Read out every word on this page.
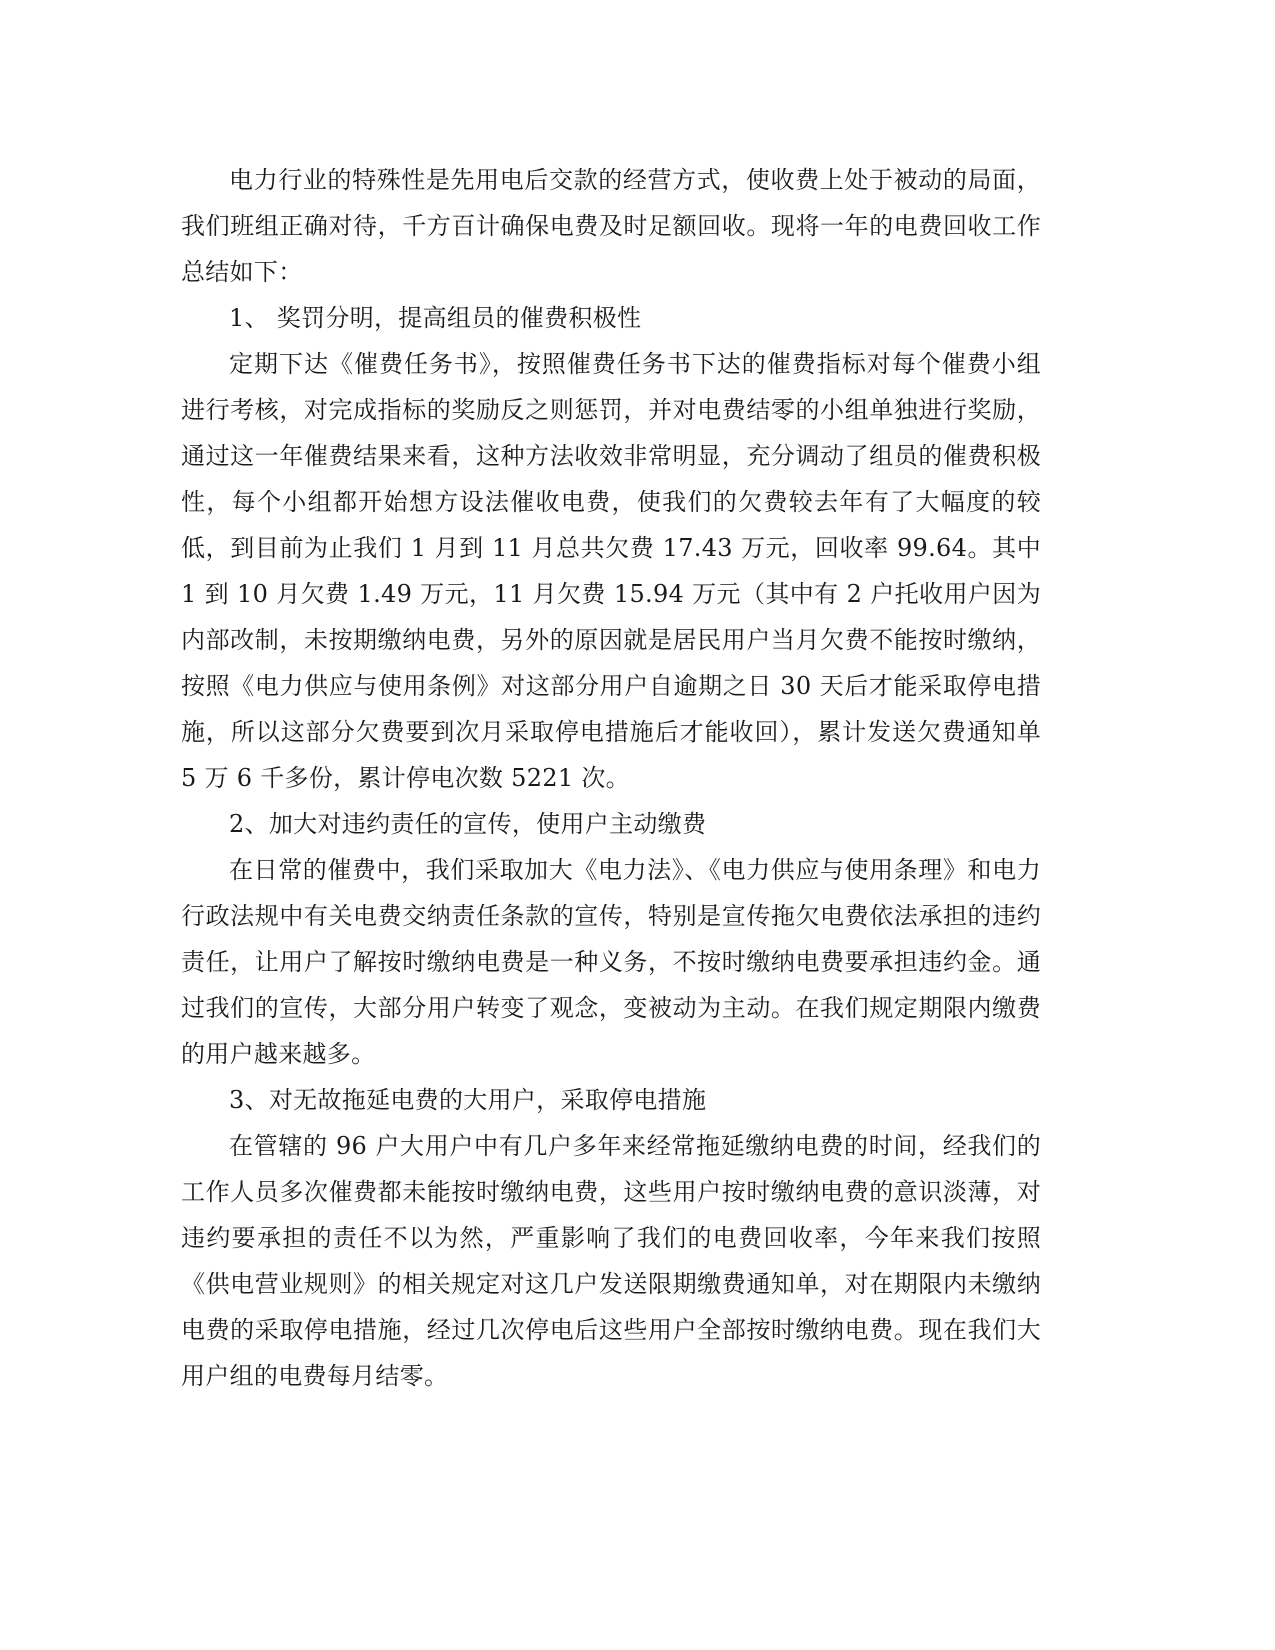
电力行业的特殊性是先用电后交款的经营方式，使收费上处于被动的局面，我们班组正确对待，千方百计确保电费及时足额回收。现将一年的电费回收工作总结如下：

1、 奖罚分明，提高组员的催费积极性

定期下达《催费任务书》，按照催费任务书下达的催费指标对每个催费小组进行考核，对完成指标的奖励反之则惩罚，并对电费结零的小组单独进行奖励，通过这一年催费结果来看，这种方法收效非常明显，充分调动了组员的催费积极性，每个小组都开始想方设法催收电费，使我们的欠费较去年有了大幅度的较低，到目前为止我们 1 月到 11 月总共欠费 17.43 万元，回收率 99.64。其中 1 到 10 月欠费 1.49 万元，11 月欠费 15.94 万元（其中有 2 户托收用户因为内部改制，未按期缴纳电费，另外的原因就是居民用户当月欠费不能按时缴纳，按照《电力供应与使用条例》对这部分用户自逾期之日 30 天后才能采取停电措施，所以这部分欠费要到次月采取停电措施后才能收回），累计发送欠费通知单 5 万 6 千多份，累计停电次数 5221 次。

2、加大对违约责任的宣传，使用户主动缴费

在日常的催费中，我们采取加大《电力法》、《电力供应与使用条理》和电力行政法规中有关电费交纳责任条款的宣传，特别是宣传拖欠电费依法承担的违约责任，让用户了解按时缴纳电费是一种义务，不按时缴纳电费要承担违约金。通过我们的宣传，大部分用户转变了观念，变被动为主动。在我们规定期限内缴费的用户越来越多。

3、对无故拖延电费的大用户，采取停电措施

在管辖的 96 户大用户中有几户多年来经常拖延缴纳电费的时间，经我们的工作人员多次催费都未能按时缴纳电费，这些用户按时缴纳电费的意识淡薄，对违约要承担的责任不以为然，严重影响了我们的电费回收率，今年来我们按照《供电营业规则》的相关规定对这几户发送限期缴费通知单，对在期限内未缴纳电费的采取停电措施，经过几次停电后这些用户全部按时缴纳电费。现在我们大用户组的电费每月结零。
